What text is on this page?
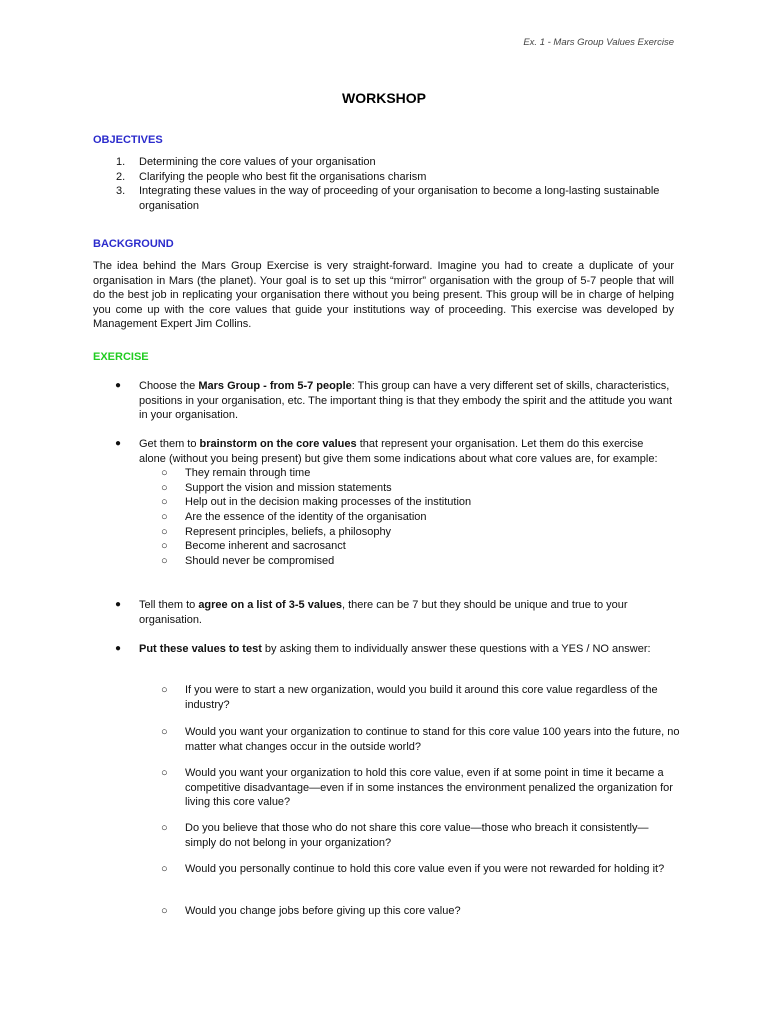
Ex. 1 - Mars Group Values Exercise
WORKSHOP
OBJECTIVES
1. Determining the core values of your organisation
2. Clarifying the people who best fit the organisations charism
3. Integrating these values in the way of proceeding of your organisation to become a long-lasting sustainable organisation
BACKGROUND
The idea behind the Mars Group Exercise is very straight-forward. Imagine you had to create a duplicate of your organisation in Mars (the planet). Your goal is to set up this “mirror” organisation with the group of 5-7 people that will do the best job in replicating your organisation there without you being present. This group will be in charge of helping you come up with the core values that guide your institutions way of proceeding. This exercise was developed by Management Expert Jim Collins.
EXERCISE
●	Choose the Mars Group - from 5-7 people: This group can have a very different set of skills, characteristics, positions in your organisation, etc. The important thing is that they embody the spirit and the attitude you want in your organisation.
●	Get them to brainstorm on the core values that represent your organisation. Let them do this exercise alone (without you being present) but give them some indications about what core values are, for example:
○ They remain through time
○ Support the vision and mission statements
○ Help out in the decision making processes of the institution
○ Are the essence of the identity of the organisation
○ Represent principles, beliefs, a philosophy
○ Become inherent and sacrosanct
○ Should never be compromised
●	Tell them to agree on a list of 3-5 values, there can be 7 but they should be unique and true to your organisation.
●	Put these values to test by asking them to individually answer these questions with a YES / NO answer:
○ If you were to start a new organization, would you build it around this core value regardless of the industry?
○ Would you want your organization to continue to stand for this core value 100 years into the future, no matter what changes occur in the outside world?
○ Would you want your organization to hold this core value, even if at some point in time it became a competitive disadvantage—even if in some instances the environment penalized the organization for living this core value?
○ Do you believe that those who do not share this core value—those who breach it consistently—simply do not belong in your organization?
○ Would you personally continue to hold this core value even if you were not rewarded for holding it?
○ Would you change jobs before giving up this core value?
